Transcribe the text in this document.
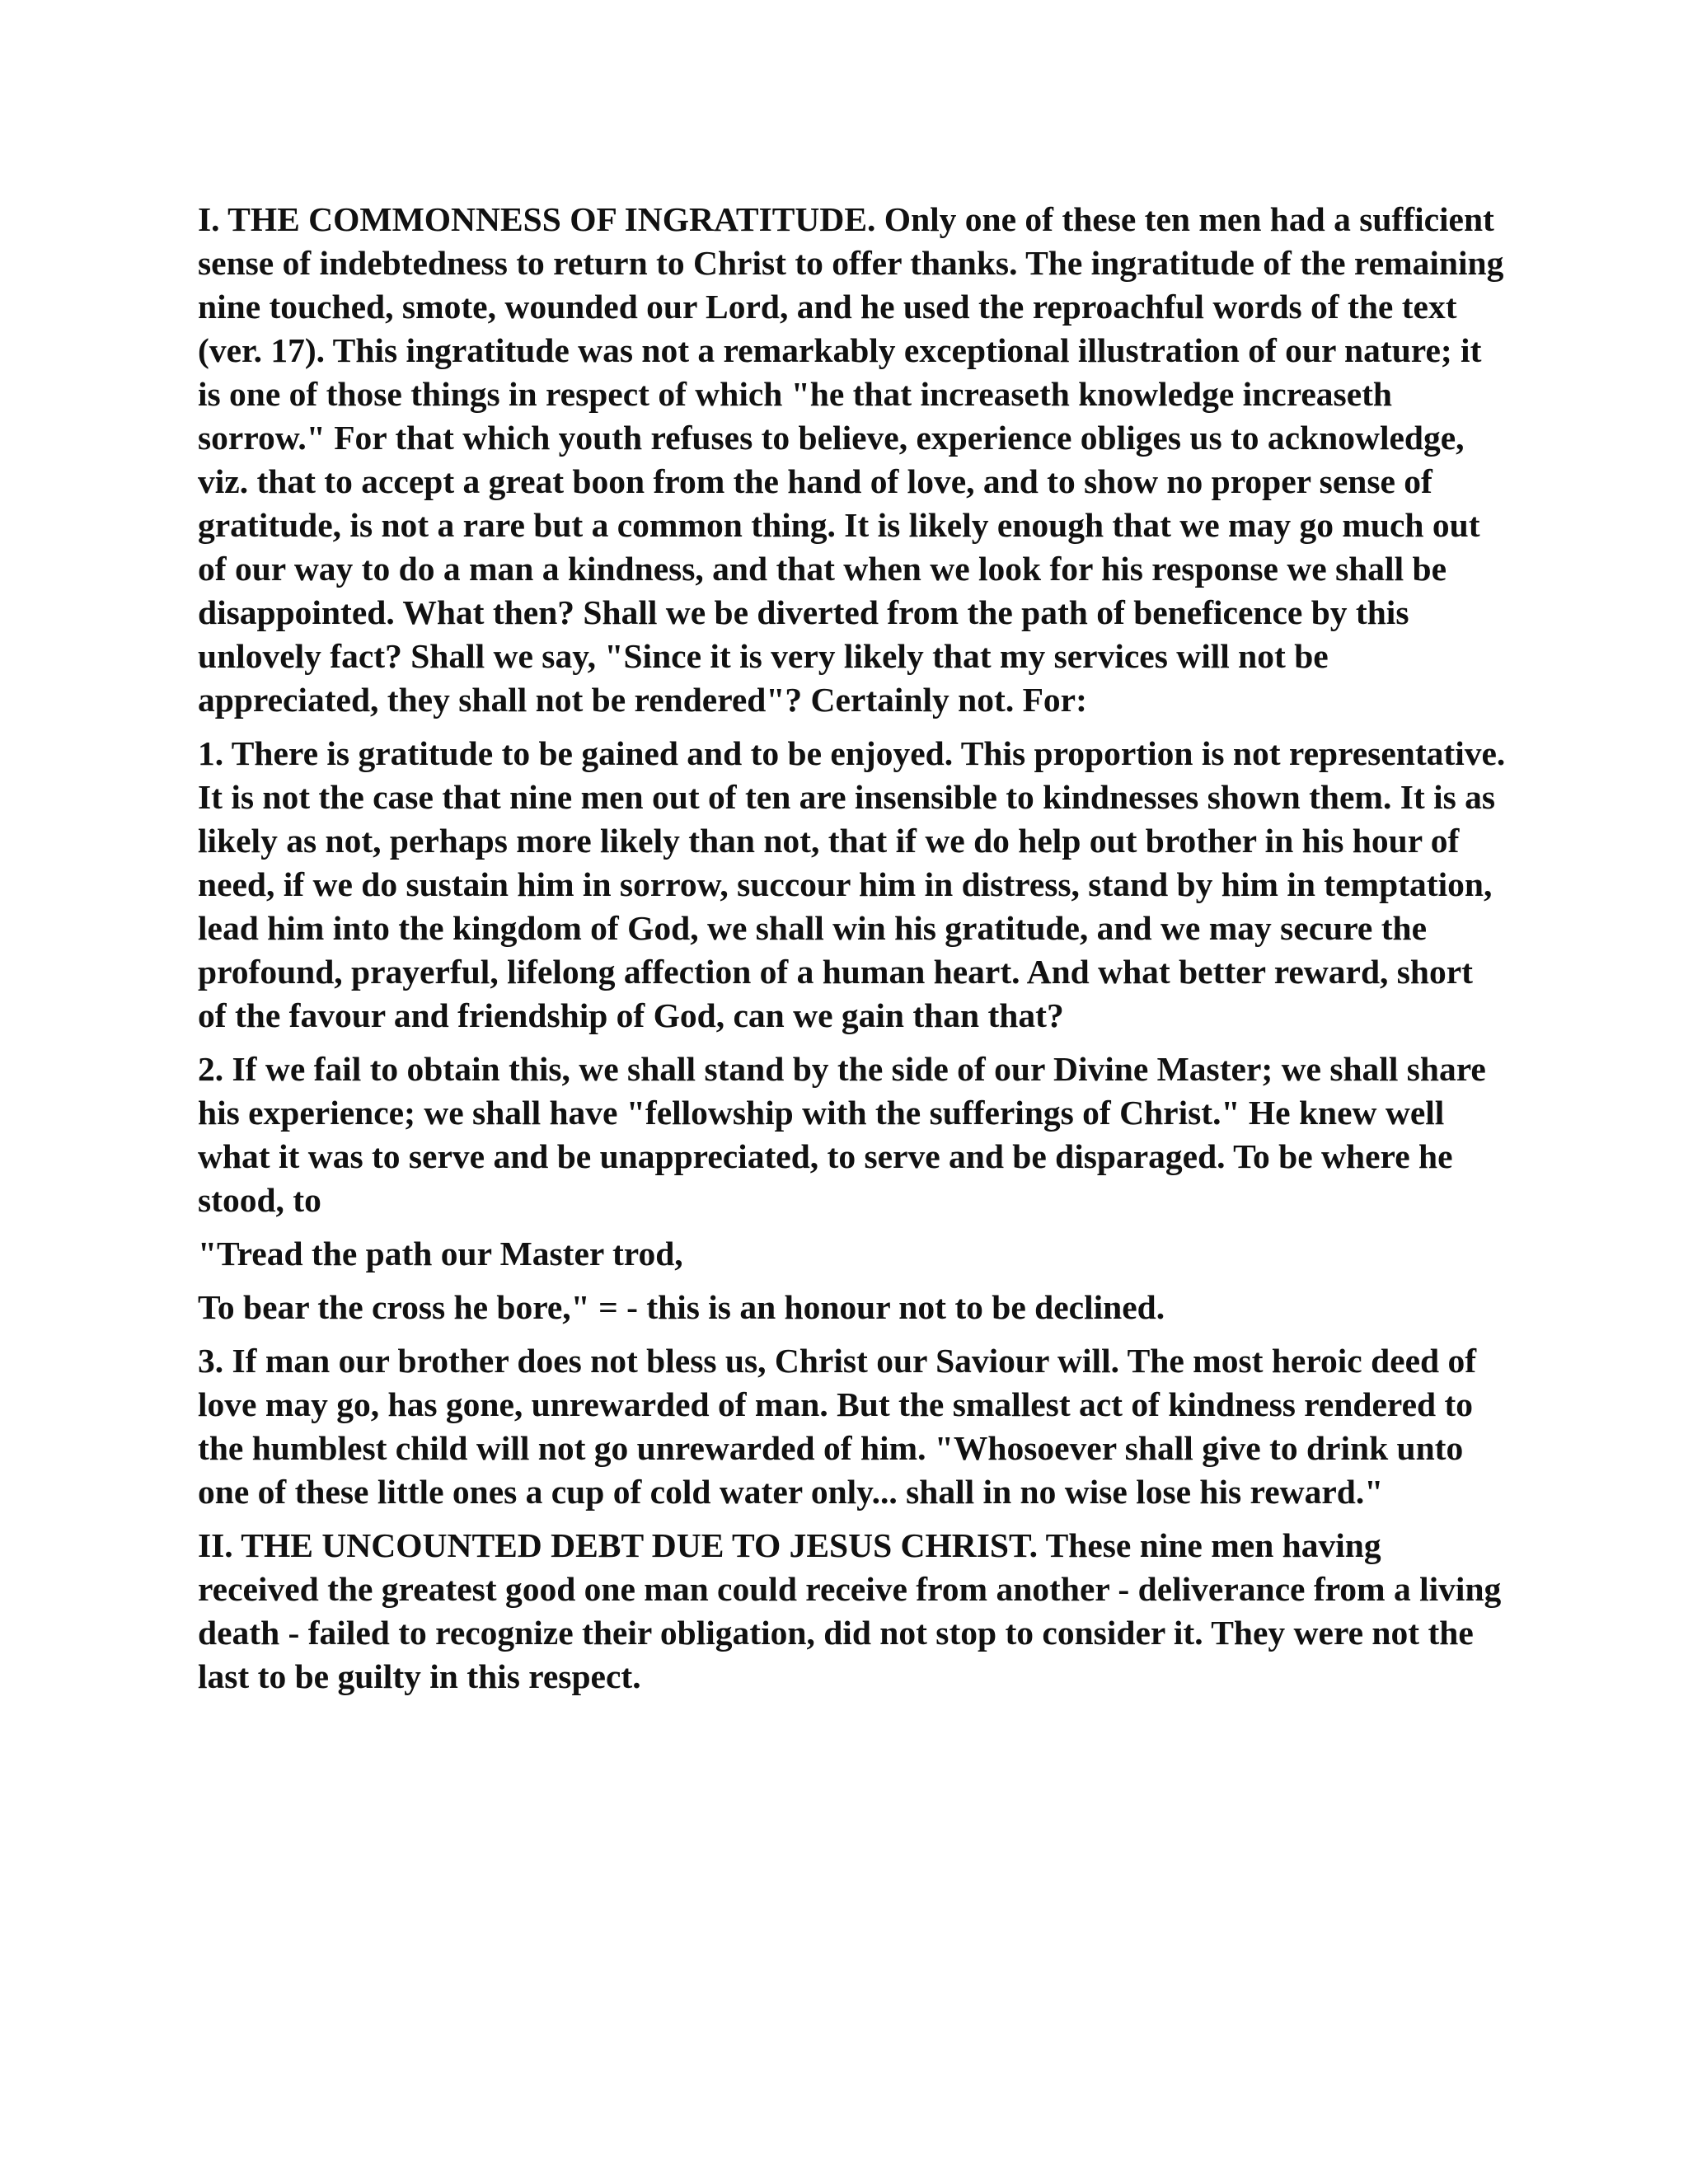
I. THE COMMONNESS OF INGRATITUDE. Only one of these ten men had a sufficient sense of indebtedness to return to Christ to offer thanks. The ingratitude of the remaining nine touched, smote, wounded our Lord, and he used the reproachful words of the text (ver. 17). This ingratitude was not a remarkably exceptional illustration of our nature; it is one of those things in respect of which "he that increaseth knowledge increaseth sorrow." For that which youth refuses to believe, experience obliges us to acknowledge, viz. that to accept a great boon from the hand of love, and to show no proper sense of gratitude, is not a rare but a common thing. It is likely enough that we may go much out of our way to do a man a kindness, and that when we look for his response we shall be disappointed. What then? Shall we be diverted from the path of beneficence by this unlovely fact? Shall we say, "Since it is very likely that my services will not be appreciated, they shall not be rendered"? Certainly not. For:

1. There is gratitude to be gained and to be enjoyed. This proportion is not representative. It is not the case that nine men out of ten are insensible to kindnesses shown them. It is as likely as not, perhaps more likely than not, that if we do help out brother in his hour of need, if we do sustain him in sorrow, succour him in distress, stand by him in temptation, lead him into the kingdom of God, we shall win his gratitude, and we may secure the profound, prayerful, lifelong affection of a human heart. And what better reward, short of the favour and friendship of God, can we gain than that?

2. If we fail to obtain this, we shall stand by the side of our Divine Master; we shall share his experience; we shall have "fellowship with the sufferings of Christ." He knew well what it was to serve and be unappreciated, to serve and be disparaged. To be where he stood, to

"Tread the path our Master trod,

To bear the cross he bore," = - this is an honour not to be declined.

3. If man our brother does not bless us, Christ our Saviour will. The most heroic deed of love may go, has gone, unrewarded of man. But the smallest act of kindness rendered to the humblest child will not go unrewarded of him. "Whosoever shall give to drink unto one of these little ones a cup of cold water only... shall in no wise lose his reward."

II. THE UNCOUNTED DEBT DUE TO JESUS CHRIST. These nine men having received the greatest good one man could receive from another - deliverance from a living death - failed to recognize their obligation, did not stop to consider it. They were not the last to be guilty in this respect.
